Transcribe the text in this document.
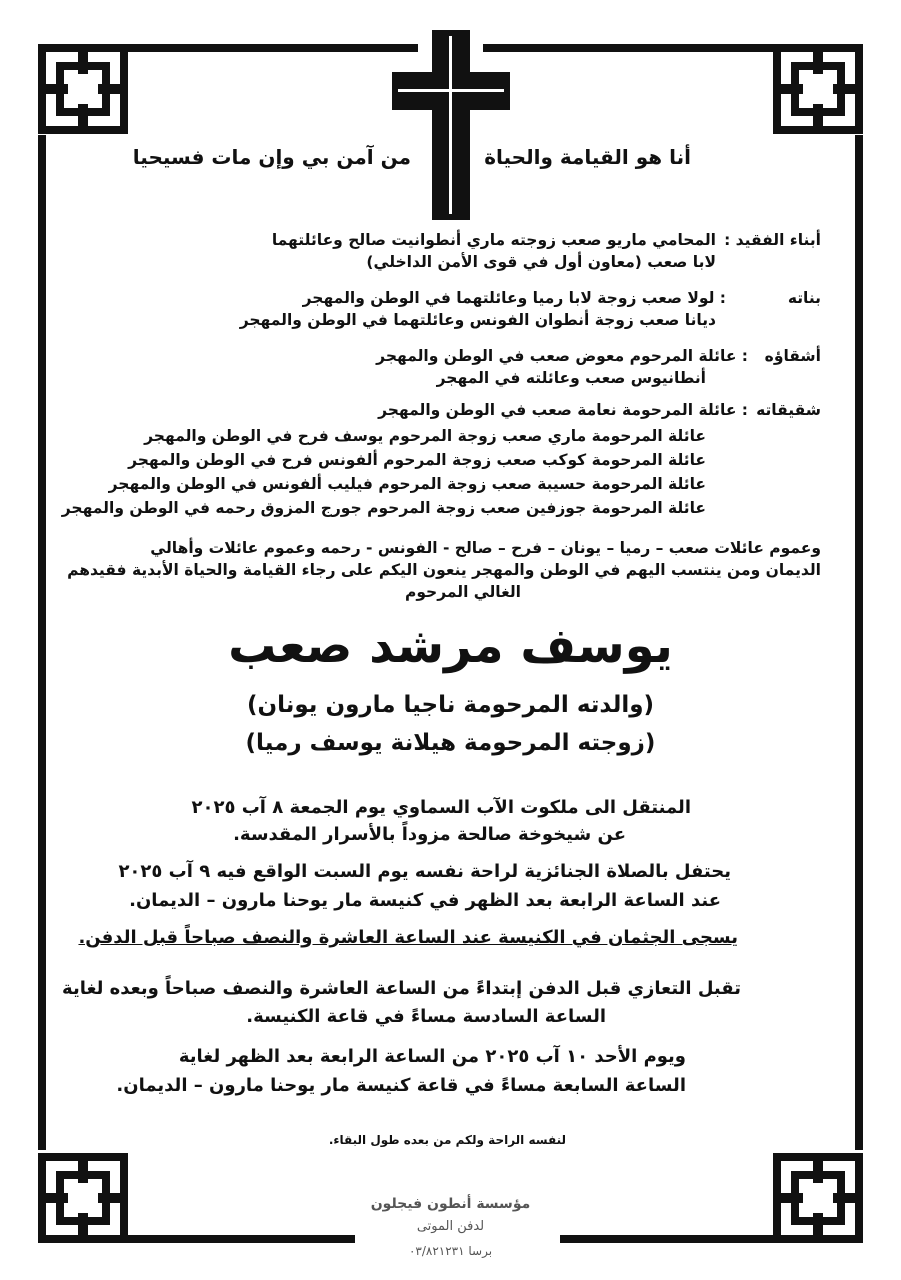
أنا هو القيامة والحياة
من آمن بي وإن مات فسيحيا
أبناء الفقيد :
المحامي ماريو صعب زوجته ماري أنطوانيت صالح وعائلتهما
لابا صعب (معاون أول في قوى الأمن الداخلي)
بناته
: لولا صعب زوجة لابا رميا وعائلتهما في الوطن والمهجر
ديانا صعب زوجة أنطوان الفونس وعائلتهما في الوطن والمهجر
أشقاؤه
: عائلة المرحوم معوض صعب في الوطن والمهجر
أنطانيوس صعب وعائلته في المهجر
شقيقاته
: عائلة المرحومة نعامة صعب في الوطن والمهجر
عائلة المرحومة ماري صعب زوجة المرحوم يوسف فرح في الوطن والمهجر
عائلة المرحومة كوكب صعب زوجة المرحوم ألفونس فرح في الوطن والمهجر
عائلة المرحومة حسيبة صعب زوجة المرحوم فيليب ألفونس في الوطن والمهجر
عائلة المرحومة جوزفين صعب زوجة المرحوم جورج المزوق رحمه في الوطن والمهجر
وعموم عائلات صعب – رميا – يونان – فرح – صالح - الفونس - رحمه وعموم عائلات وأهالي
الديمان ومن ينتسب اليهم في الوطن والمهجر ينعون اليكم على رجاء القيامة والحياة الأبدية فقيدهم
الغالي المرحوم
يوسف مرشد صعب
(والدته المرحومة ناجيا مارون يونان)
(زوجته المرحومة هيلانة يوسف رميا)
المنتقل الى ملكوت الآب السماوي يوم الجمعة ٨ آب ٢٠٢٥
عن شيخوخة صالحة مزوداً بالأسرار المقدسة.
يحتفل بالصلاة الجنائزية لراحة نفسه يوم السبت الواقع فيه ٩ آب ٢٠٢٥
عند الساعة الرابعة بعد الظهر في كنيسة مار يوحنا مارون – الديمان.
يسجى الجثمان في الكنيسة عند الساعة العاشرة والنصف صباحاً قبل الدفن.
تقبل التعازي قبل الدفن إبتداءً من الساعة العاشرة والنصف صباحاً وبعده لغاية
الساعة السادسة مساءً في قاعة الكنيسة.
ويوم الأحد ١٠ آب ٢٠٢٥ من الساعة الرابعة بعد الظهر لغاية
الساعة السابعة مساءً في قاعة كنيسة مار يوحنا مارون – الديمان.
لنفسه الراحة ولكم من بعده طول البقاء.
مؤسسة أنطون فيجلون
لدفن الموتى
برسا ٠٣/٨٢١٢٣١
